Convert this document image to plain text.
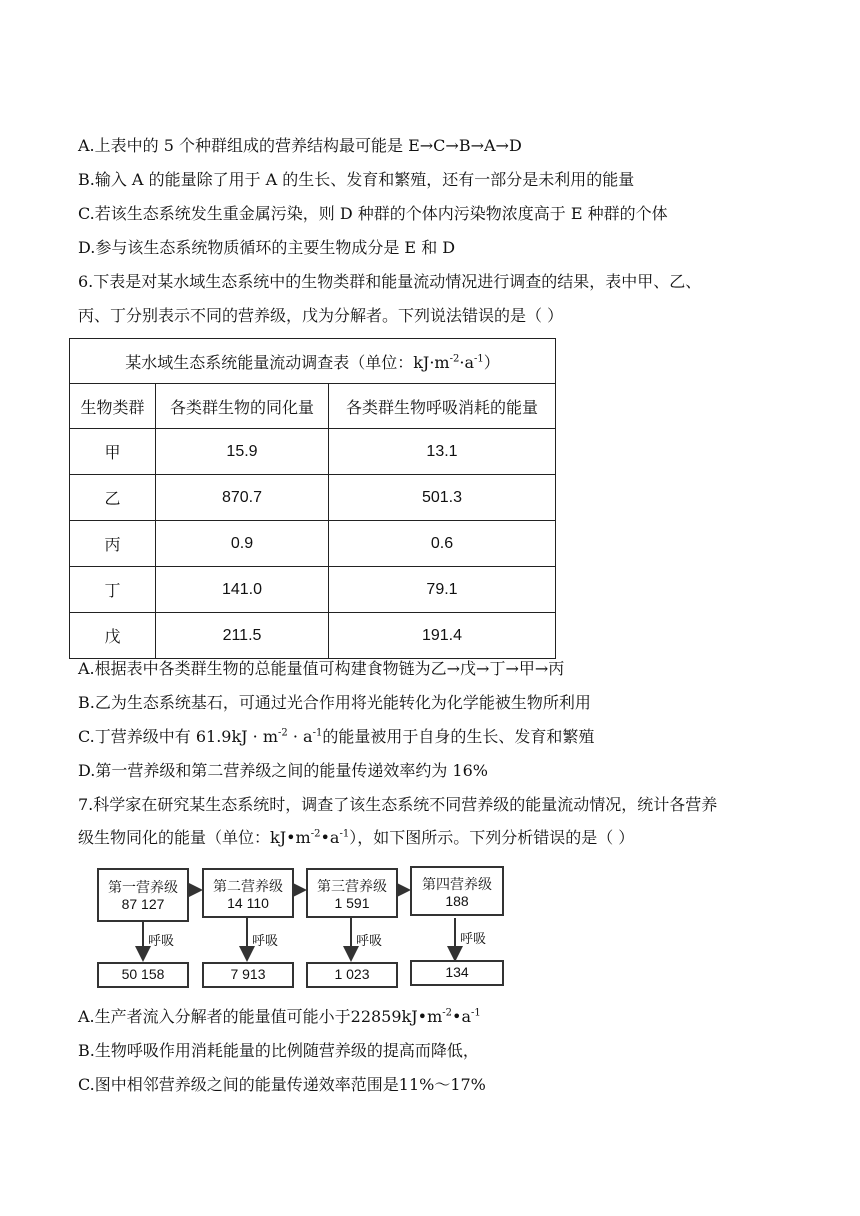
A.上表中的 5 个种群组成的营养结构最可能是 E→C→B→A→D
B.输入 A 的能量除了用于 A 的生长、发育和繁殖，还有一部分是未利用的能量
C.若该生态系统发生重金属污染，则 D 种群的个体内污染物浓度高于 E 种群的个体
D.参与该生态系统物质循环的主要生物成分是 E 和 D
6.下表是对某水域生态系统中的生物类群和能量流动情况进行调查的结果，表中甲、乙、
丙、丁分别表示不同的营养级，戊为分解者。下列说法错误的是（ ）
某水域生态系统能量流动调查表（单位：$kJ\cdot m^{-2}\cdot a^{-1}$）		
生物类群	各类群生物的同化量	各类群生物呼吸消耗的能量
甲	15.9	13.1
乙	870.7	501.3
丙	0.9	0.6
丁	141.0	79.1
戊	211.5	191.4
A.根据表中各类群生物的总能量值可构建食物链为乙→戊→丁→甲→丙
B.乙为生态系统基石，可通过光合作用将光能转化为化学能被生物所利用
C.丁营养级中有 $61.9kJ \cdot m^{-2} \cdot a^{-1}$的能量被用于自身的生长、发育和繁殖
D.第一营养级和第二营养级之间的能量传递效率约为 16%
7.科学家在研究某生态系统时，调查了该生态系统不同营养级的能量流动情况，统计各营养
级生物同化的能量（单位：$kJ•m^{-2}•a^{-1}$），如下图所示。下列分析错误的是（ ）
第一营养级
87 127
第二营养级
14 110
第三营养级
1 591
第四营养级
188
呼吸	呼吸	呼吸	呼吸
50 158	7 913	1 023	134
A.生产者流入分解者的能量值可能小于$22859kJ•m^{-2}•a^{-1}$
B.生物呼吸作用消耗能量的比例随营养级的提高而降低，
C.图中相邻营养级之间的能量传递效率范围是11%～17%
